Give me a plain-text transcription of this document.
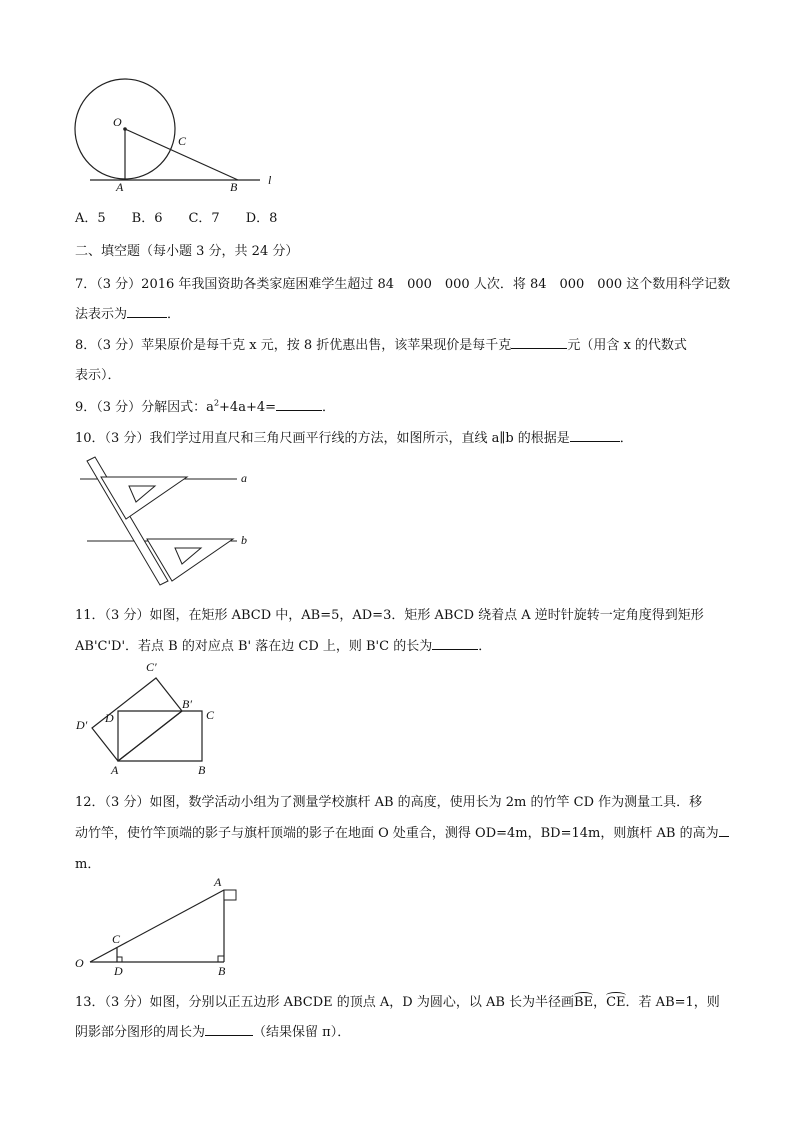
O
C
A	B	l
A．5　　B．6　　C．7　　D．8
二、填空题（每小题 3 分，共 24 分）
7．（3 分）2016 年我国资助各类家庭困难学生超过 84　000　000 人次．将 84　000　000 这个数用科学记数
法表示为	．
8．（3 分）苹果原价是每千克 x 元，按 8 折优惠出售，该苹果现价是每千克	元（用含 x 的代数式
表示）．
9．（3 分）分解因式：$a^2+4a+4=$	．
10．（3 分）我们学过用直尺和三角尺画平行线的方法，如图所示，直线 a∥b 的根据是	．
a
b
11．（3 分）如图，在矩形 ABCD 中，AB=5，AD=3．矩形 ABCD 绕着点 A 逆时针旋转一定角度得到矩形
AB'C'D'．若点 B 的对应点 B' 落在边 CD 上，则 B'C 的长为	．
C′
B′
C
D′ D
A	B
12．（3 分）如图，数学活动小组为了测量学校旗杆 AB 的高度，使用长为 2m 的竹竿 CD 作为测量工具．移
动竹竿，使竹竿顶端的影子与旗杆顶端的影子在地面 O 处重合，测得 OD=4m，BD=14m，则旗杆 AB 的高为
m．
A
C
O
D	B
13．（3 分）如图，分别以正五边形 ABCDE 的顶点 A，D 为圆心，以 AB 长为半径画BE，CE．若 AB=1，则
阴影部分图形的周长为	（结果保留 π）．
